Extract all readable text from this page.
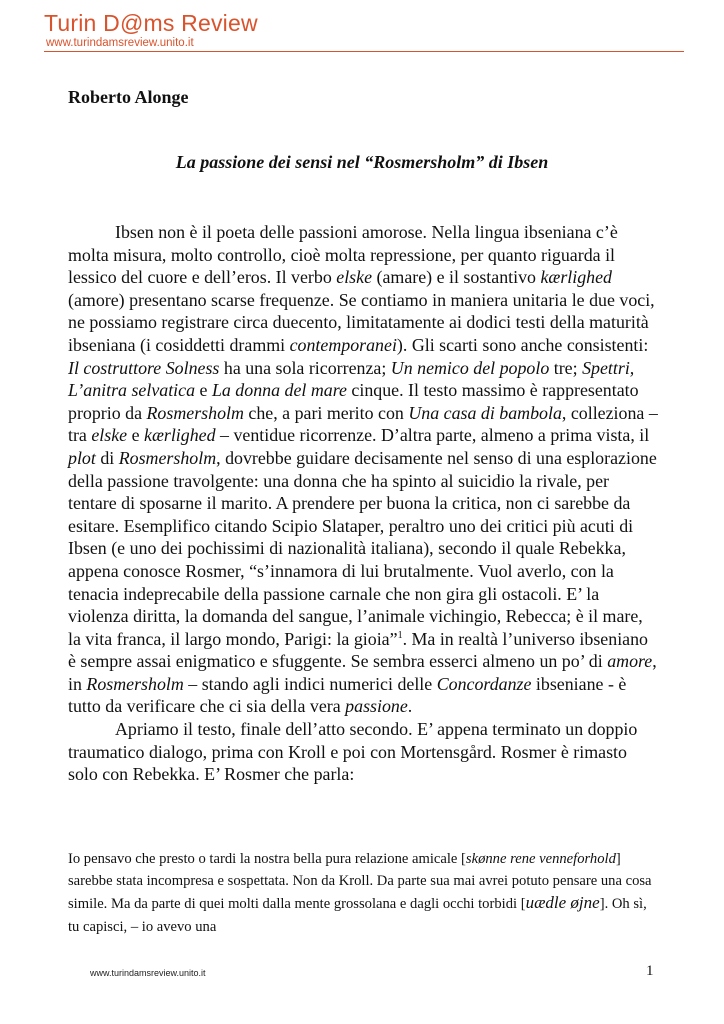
Turin D@ms Review
www.turindamsreview.unito.it
Roberto Alonge
La passione dei sensi nel “Rosmersholm” di Ibsen

Ibsen non è il poeta delle passioni amorose. Nella lingua ibseniana c’è molta misura, molto controllo, cioè molta repressione, per quanto riguarda il lessico del cuore e dell’eros. Il verbo elske (amare) e il sostantivo kærlighed (amore) presentano scarse frequenze. Se contiamo in maniera unitaria le due voci, ne possiamo registrare circa duecento, limitatamente ai dodici testi della maturità ibseniana (i cosiddetti drammi contemporanei). Gli scarti sono anche consistenti: Il costruttore Solness ha una sola ricorrenza; Un nemico del popolo tre; Spettri, L’anitra selvatica e La donna del mare cinque. Il testo massimo è rappresentato proprio da Rosmersholm che, a pari merito con Una casa di bambola, colleziona – tra elske e kærlighed – ventidue ricorrenze. D’altra parte, almeno a prima vista, il plot di Rosmersholm, dovrebbe guidare decisamente nel senso di una esplorazione della passione travolgente: una donna che ha spinto al suicidio la rivale, per tentare di sposarne il marito. A prendere per buona la critica, non ci sarebbe da esitare. Esemplifico citando Scipio Slataper, peraltro uno dei critici più acuti di Ibsen (e uno dei pochissimi di nazionalità italiana), secondo il quale Rebekka, appena conosce Rosmer, “s’innamora di lui brutalmente. Vuol averlo, con la tenacia indeprecabile della passione carnale che non gira gli ostacoli. E’ la violenza diritta, la domanda del sangue, l’animale vichingio, Rebecca; è il mare, la vita franca, il largo mondo, Parigi: la gioia”$^1$. Ma in realtà l’universo ibseniano è sempre assai enigmatico e sfuggente. Se sembra esserci almeno un po’ di amore, in Rosmersholm – stando agli indici numerici delle Concordanze ibseniane - è tutto da verificare che ci sia della vera passione.

Apriamo il testo, finale dell’atto secondo. E’ appena terminato un doppio traumatico dialogo, prima con Kroll e poi con Mortensgård. Rosmer è rimasto solo con Rebekka. E’ Rosmer che parla:

Io pensavo che presto o tardi la nostra bella pura relazione amicale [skønne rene venneforhold] sarebbe stata incompresa e sospettata. Non da Kroll. Da parte sua mai avrei potuto pensare una cosa simile. Ma da parte di quei molti dalla mente grossolana e dagli occhi torbidi [uædle øjne]. Oh sì, tu capisci, – io avevo una
www.turindamsreview.unito.it	1
